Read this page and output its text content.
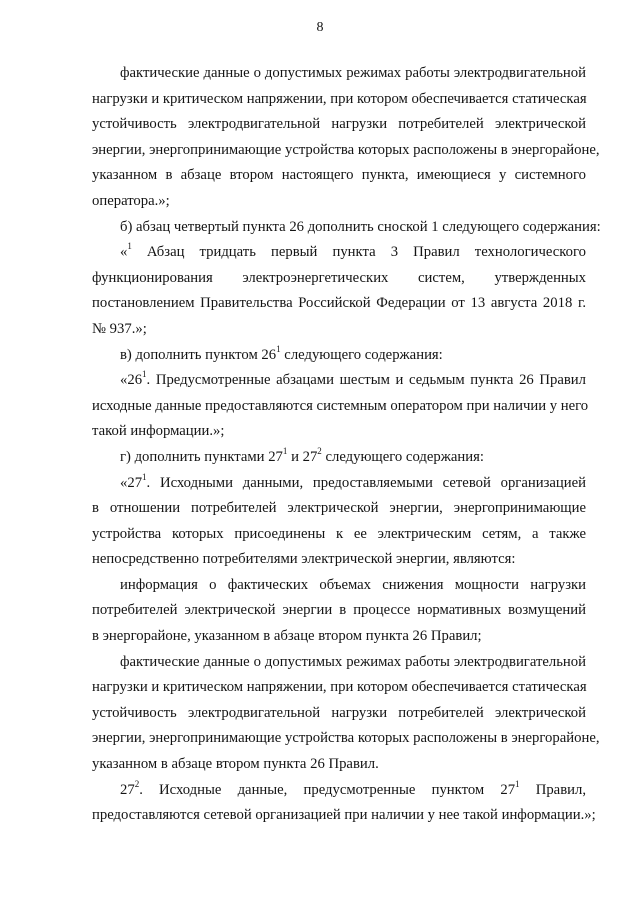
8
фактические данные о допустимых режимах работы электродвигательной
нагрузки и критическом напряжении, при котором обеспечивается статическая
устойчивость электродвигательной нагрузки потребителей электрической
энергии, энергопринимающие устройства которых расположены в энергорайоне,
указанном в абзаце втором настоящего пункта, имеющиеся у системного
оператора.»;
б) абзац четвертый пункта 26 дополнить сноской 1 следующего содержания:
«$^1$ Абзац тридцать первый пункта 3 Правил технологического
функционирования электроэнергетических систем, утвержденных
постановлением Правительства Российской Федерации от 13 августа 2018 г.
№ 937.»;
в) дополнить пунктом $26^1$ следующего содержания:
«$26^1$. Предусмотренные абзацами шестым и седьмым пункта 26 Правил
исходные данные предоставляются системным оператором при наличии у него
такой информации.»;
г) дополнить пунктами $27^1$ и $27^2$ следующего содержания:
«$27^1$. Исходными данными, предоставляемыми сетевой организацией
в отношении потребителей электрической энергии, энергопринимающие
устройства которых присоединены к ее электрическим сетям, а также
непосредственно потребителями электрической энергии, являются:
информация о фактических объемах снижения мощности нагрузки
потребителей электрической энергии в процессе нормативных возмущений
в энергорайоне, указанном в абзаце втором пункта 26 Правил;
фактические данные о допустимых режимах работы электродвигательной
нагрузки и критическом напряжении, при котором обеспечивается статическая
устойчивость электродвигательной нагрузки потребителей электрической
энергии, энергопринимающие устройства которых расположены в энергорайоне,
указанном в абзаце втором пункта 26 Правил.
$27^2$. Исходные данные, предусмотренные пунктом $27^1$ Правил,
предоставляются сетевой организацией при наличии у нее такой информации.»;
